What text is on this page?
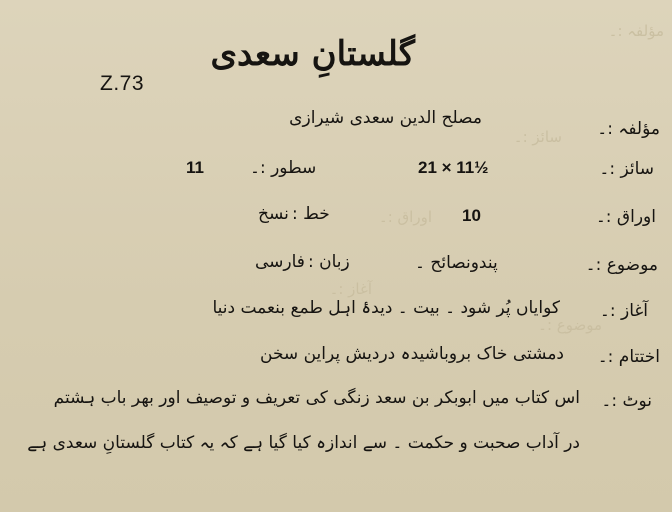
مؤلفہ :۔
سائز :۔
اوراق :۔
موضوع :۔
آغاز :۔
گلستانِ سعدی
Z.73
مؤلفہ :۔
مصلح الدین سعدی شیرازی
سائز :۔
21 × 11½
سطور :۔
11
اوراق :۔
10
خط :
نسخ
موضوع :۔
پندونصائح ۔
زبان :
فارسی
آغاز :۔
کوایاں پُر شود ۔ بیت ۔ دیدۂ اہل طمع بنعمت دنیا
اختتام :۔
دمشتی خاک بروباشیدہ دردیش پراین سخن
نوٹ :۔
اس کتاب میں ابوبکر بن سعد زنگی کی تعریف و توصیف اور بھر باب ہشتم
در آداب صحبت و حکمت ۔ سے اندازہ کیا گیا ہے کہ یہ کتاب گلستانِ سعدی ہے
